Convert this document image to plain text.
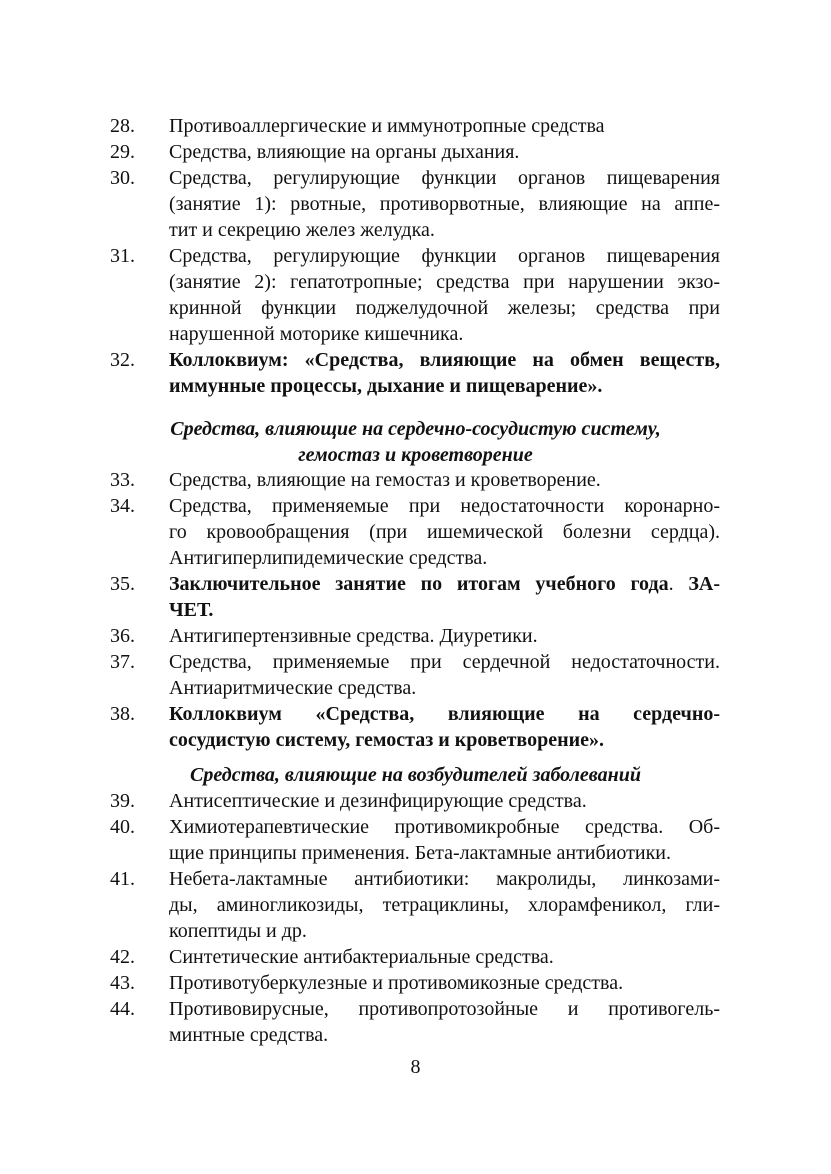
28. Противоаллергические и иммунотропные средства
29. Средства, влияющие на органы дыхания.
30. Средства, регулирующие функции органов пищеварения
(занятие 1): рвотные, противорвотные, влияющие на аппе-
тит и секрецию желез желудка.
31. Средства, регулирующие функции органов пищеварения
(занятие 2): гепатотропные; средства при нарушении экзо-
кринной функции поджелудочной железы; средства при
нарушенной моторике кишечника.
32. Коллоквиум: «Средства, влияющие на обмен веществ,
иммунные процессы, дыхание и пищеварение».
Средства, влияющие на сердечно-сосудистую систему,
гемостаз и кроветворение
33. Средства, влияющие на гемостаз и кроветворение.
34. Средства, применяемые при недостаточности коронарно-
го кровообращения (при ишемической болезни сердца).
Антигиперлипидемические средства.
35. Заключительное занятие по итогам учебного года. ЗА-
ЧЕТ.
36. Антигипертензивные средства. Диуретики.
37. Средства, применяемые при сердечной недостаточности.
Антиаритмические средства.
38. Коллоквиум «Средства, влияющие на сердечно-
сосудистую систему, гемостаз и кроветворение».
Средства, влияющие на возбудителей заболеваний
39. Антисептические и дезинфицирующие средства.
40. Химиотерапевтические противомикробные средства. Об-
щие принципы применения. Бета-лактамные антибиотики.
41. Небета-лактамные антибиотики: макролиды, линкозами-
ды, аминогликозиды, тетрациклины, хлорамфеникол, гли-
копептиды и др.
42. Синтетические антибактериальные средства.
43. Противотуберкулезные и противомикозные средства.
44. Противовирусные, противопротозойные и противогель-
минтные средства.
8
